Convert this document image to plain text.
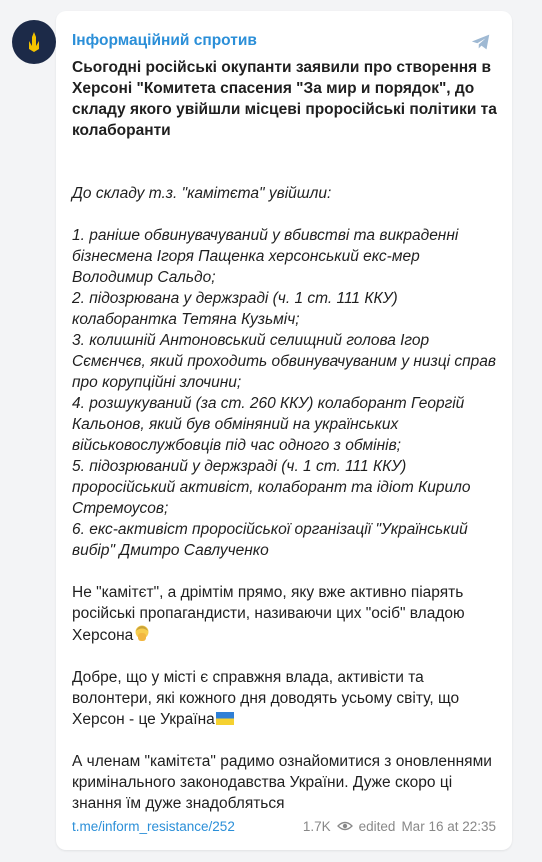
Інформаційний спротив

Сьогодні російські окупанти заявили про створення в Херсоні "Комитета спасения "За мир и порядок", до складу якого увійшли місцеві проросійські політики та колаборанти

До складу т.з. "камітєта" увійшли:

1. раніше обвинувачуваний у вбивстві та викраденні бізнесмена Ігоря Пащенка херсонський екс-мер Володимир Сальдо;

2. підозрювана у держзраді (ч. 1 ст. 111 ККУ) колаборантка Тетяна Кузьміч;

3. колишній Антоновський селищний голова Ігор Сємєнчєв, який проходить обвинувачуваним у низці справ про корупційні злочини;

4. розшукуваний (за ст. 260 ККУ) колаборант Георгій Кальонов, який був обміняний на українських військовослужбовців під час одного з обмінів;

5. підозрюваний у держзраді (ч. 1 ст. 111 ККУ) проросійський активіст, колаборант та ідіот Кирило Стремоусов;

6. екс-активіст проросійської організації "Український вибір" Дмитро Савлученко

Не "камітєт", а дрімтім прямо, яку вже активно піарять російські пропагандисти, називаючи цих "осіб" владою Херсона

Добре, що у місті є справжня влада, активісти та волонтери, які кожного дня доводять усьому світу, що Херсон - це Україна

А членам "камітєта" радимо ознайомитися з оновленнями кримінального законодавства України. Дуже скоро ці знання їм дуже знадобляться

t.me/inform_resistance/252	1.7K edited Mar 16 at 22:35
